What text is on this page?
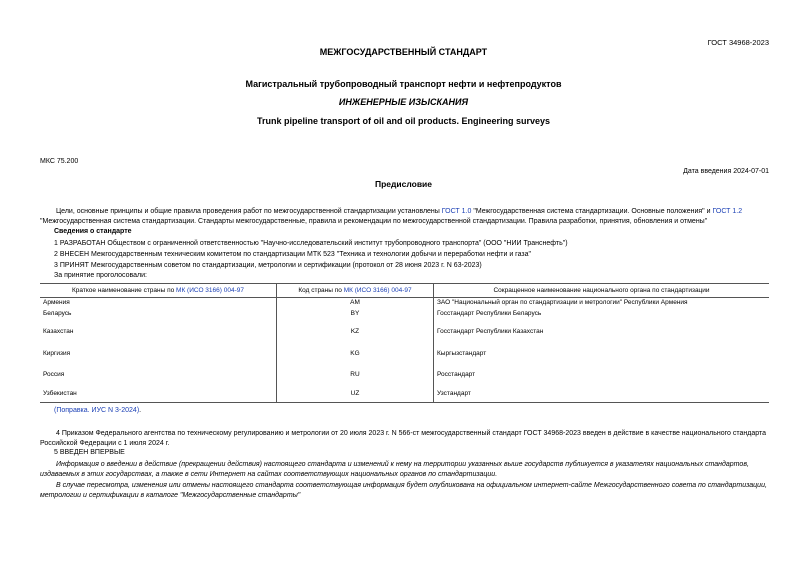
ГОСТ 34968-2023
МЕЖГОСУДАРСТВЕННЫЙ СТАНДАРТ
Магистральный трубопроводный транспорт нефти и нефтепродуктов
ИНЖЕНЕРНЫЕ ИЗЫСКАНИЯ
Trunk pipeline transport of oil and oil products. Engineering surveys
МКС 75.200
Дата введения 2024-07-01
Предисловие
Цели, основные принципы и общие правила проведения работ по межгосударственной стандартизации установлены ГОСТ 1.0 "Межгосударственная система стандартизации. Основные положения" и ГОСТ 1.2 "Межгосударственная система стандартизации. Стандарты межгосударственные, правила и рекомендации по межгосударственной стандартизации. Правила разработки, принятия, обновления и отмены"
Сведения о стандарте
1 РАЗРАБОТАН Обществом с ограниченной ответственностью "Научно-исследовательский институт трубопроводного транспорта" (ООО "НИИ Транснефть")
2 ВНЕСЕН Межгосударственным техническим комитетом по стандартизации МТК 523 "Техника и технологии добычи и переработки нефти и газа"
3 ПРИНЯТ Межгосударственным советом по стандартизации, метрологии и сертификации (протокол от 28 июня 2023 г. N 63-2023)
За принятие проголосовали:
Краткое наименование страны по МК (ИСО 3166) 004-97	Код страны по МК (ИСО 3166) 004-97	Сокращенное наименование национального органа по стандартизации
Армения	AM	ЗАО "Национальный орган по стандартизации и метрологии" Республики Армения
Беларусь	BY	Госстандарт Республики Беларусь
Казахстан	KZ	Госстандарт Республики Казахстан
Киргизия	KG	Кыргызстандарт
Россия	RU	Росстандарт
Узбекистан	UZ	Узстандарт
(Поправка. ИУС N 3-2024).
4 Приказом Федерального агентства по техническому регулированию и метрологии от 20 июля 2023 г. N 566-ст межгосударственный стандарт ГОСТ 34968-2023 введен в действие в качестве национального стандарта Российской Федерации с 1 июля 2024 г.
5 ВВЕДЕН ВПЕРВЫЕ
Информация о введении в действие (прекращении действия) настоящего стандарта и изменений к нему на территории указанных выше государств публикуется в указателях национальных стандартов, издаваемых в этих государствах, а также в сети Интернет на сайтах соответствующих национальных органов по стандартизации.
В случае пересмотра, изменения или отмены настоящего стандарта соответствующая информация будет опубликована на официальном интернет-сайте Межгосударственного совета по стандартизации, метрологии и сертификации в каталоге "Межгосударственные стандарты"
